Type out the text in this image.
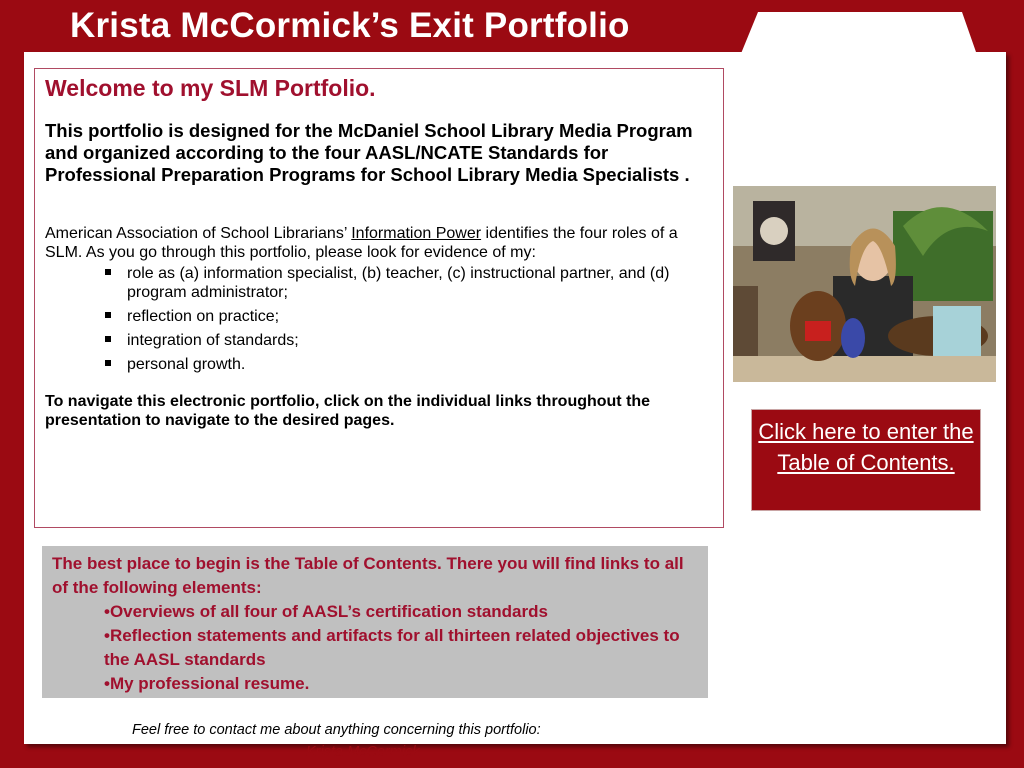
Krista McCormick’s Exit Portfolio

Welcome to my SLM Portfolio.

This portfolio is designed for the McDaniel School Library Media Program and organized according to the four AASL/NCATE Standards for Professional Preparation Programs for School Library Media Specialists .

American Association of School Librarians’ Information Power identifies the four roles of a SLM. As you go through this portfolio, please look for evidence of my:

role as (a) information specialist, (b) teacher, (c) instructional partner, and (d) program administrator;
reflection on practice;
integration of standards;
personal growth.

To navigate this electronic portfolio, click on the individual links throughout the presentation to navigate to the desired pages.	Click here to enter the Table of Contents.
The best place to begin is the Table of Contents. There you will find links to all of the following elements:
•Overviews of all four of AASL’s certification standards
•Reflection statements and artifacts for all thirteen related objectives to the AASL standards
•My professional resume.
Feel free to contact me about anything concerning this portfolio:
Krista McCormick
